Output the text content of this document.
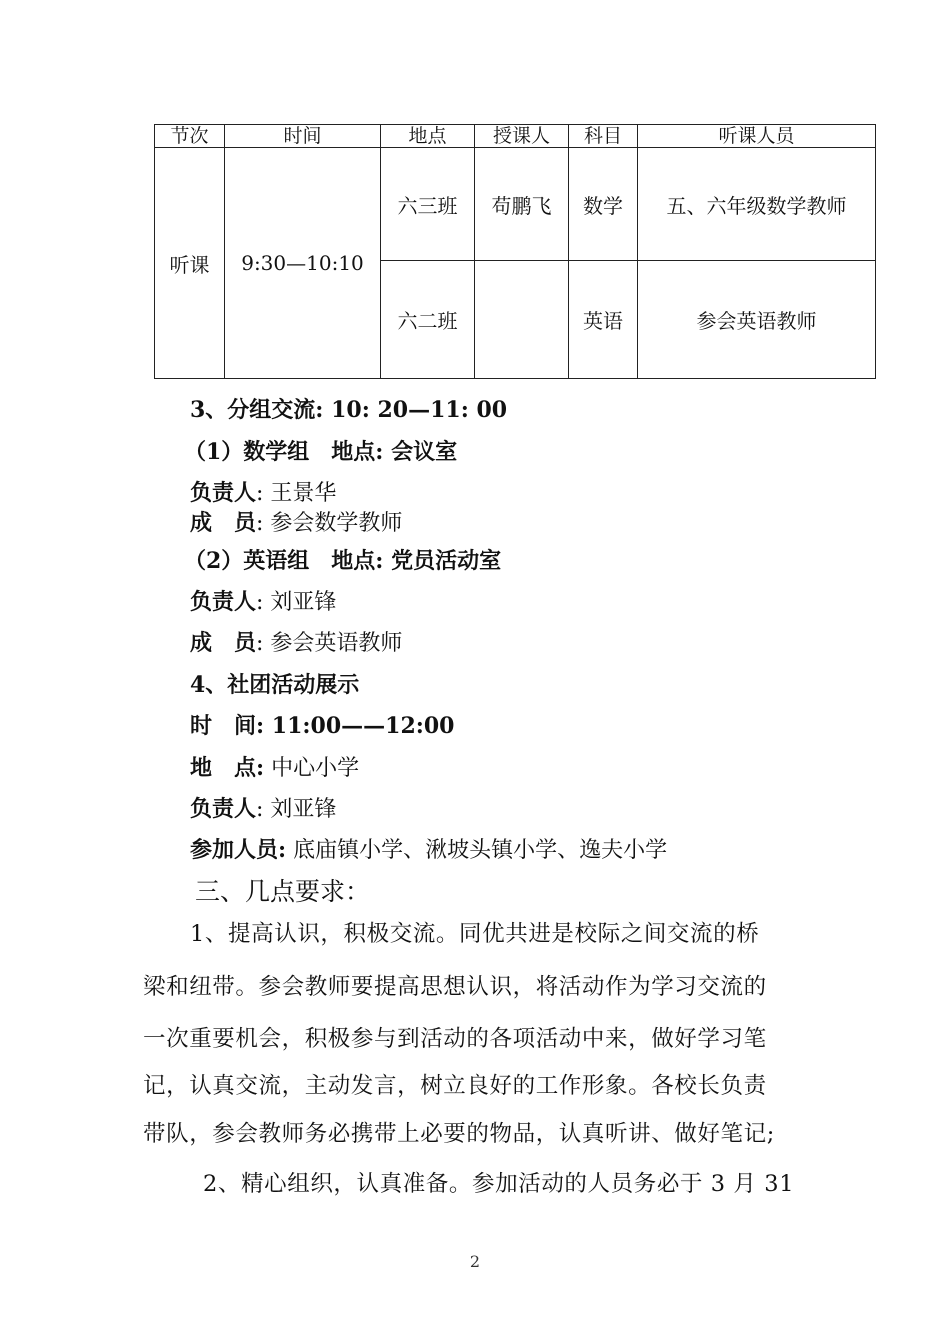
节次	时间	地点	授课人	科目	听课人员
听课	9:30—10:10	六三班	苟鹏飞	数学	五、六年级数学教师
		六二班		英语	参会英语教师
3、分组交流: 10: 20—11: 00
（1）数学组　地点: 会议室
负责人: 王景华
成　员: 参会数学教师
（2）英语组　地点: 党员活动室
负责人: 刘亚锋
成　员: 参会英语教师
4、社团活动展示
时　间: 11:00——12:00
地　点: 中心小学
负责人: 刘亚锋
参加人员: 底庙镇小学、湫坡头镇小学、逸夫小学
三、几点要求：
1、提高认识，积极交流。同优共进是校际之间交流的桥
梁和纽带。参会教师要提高思想认识，将活动作为学习交流的
一次重要机会，积极参与到活动的各项活动中来，做好学习笔
记，认真交流，主动发言，树立良好的工作形象。各校长负责
带队，参会教师务必携带上必要的物品，认真听讲、做好笔记;
2、精心组织，认真准备。参加活动的人员务必于 3 月 31
2
